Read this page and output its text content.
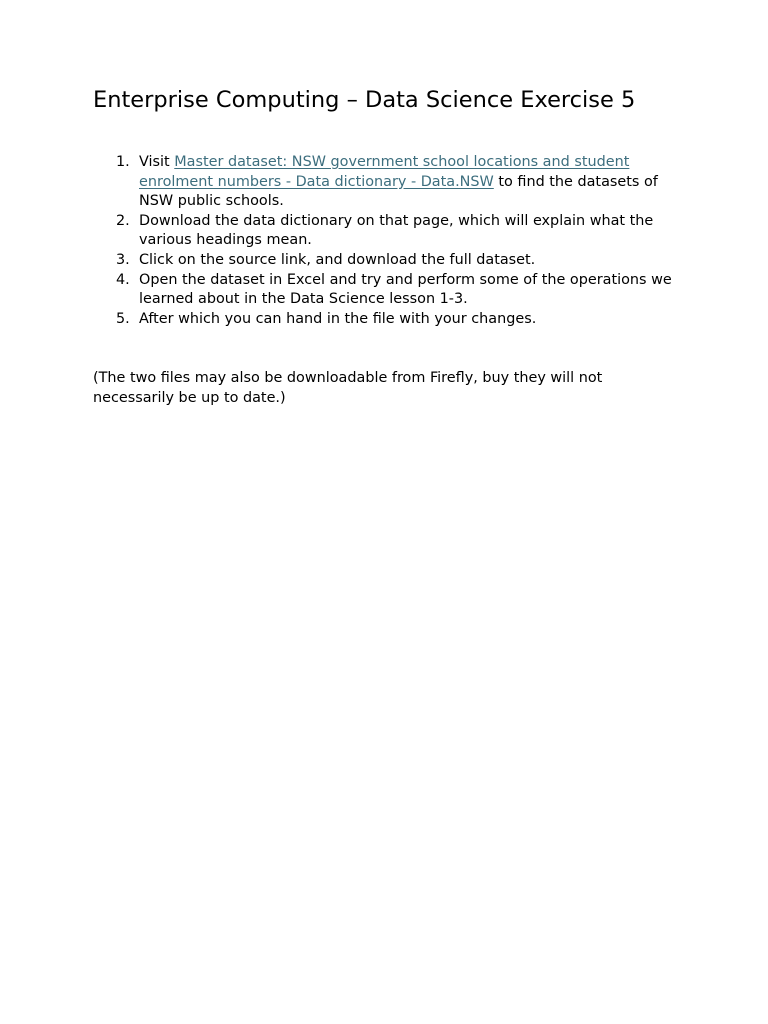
Enterprise Computing – Data Science Exercise 5
1. Visit Master dataset: NSW government school locations and student enrolment numbers - Data dictionary - Data.NSW to find the datasets of NSW public schools.
2. Download the data dictionary on that page, which will explain what the various headings mean.
3. Click on the source link, and download the full dataset.
4. Open the dataset in Excel and try and perform some of the operations we learned about in the Data Science lesson 1-3.
5. After which you can hand in the file with your changes.

(The two files may also be downloadable from Firefly, buy they will not necessarily be up to date.)
